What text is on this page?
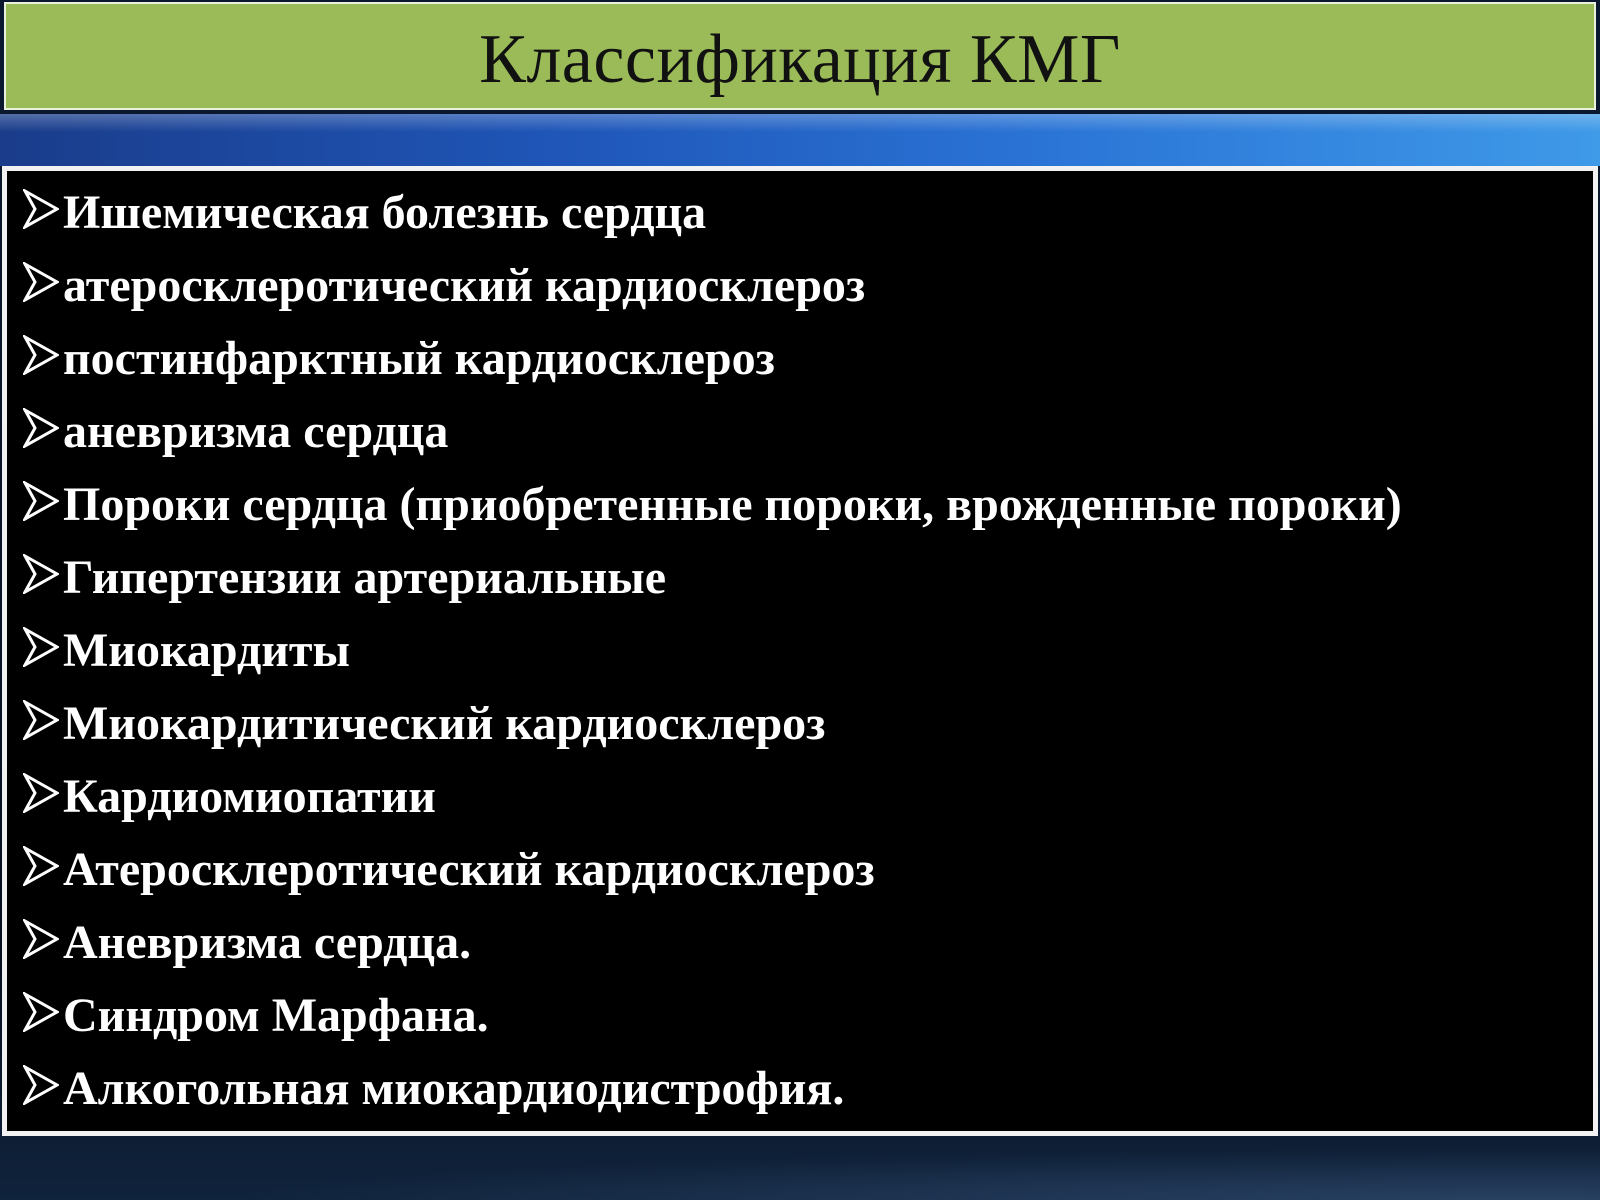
Классификация КМГ
Ишемическая болезнь сердца
атеросклеротический кардиосклероз
постинфарктный кардиосклероз
аневризма сердца
Пороки сердца (приобретенные пороки, врожденные пороки)
Гипертензии артериальные
Миокардиты
Миокардитический кардиосклероз
Кардиомиопатии
Атеросклеротический кардиосклероз
Аневризма сердца.
Синдром Марфана.
Алкогольная миокардиодистрофия.
